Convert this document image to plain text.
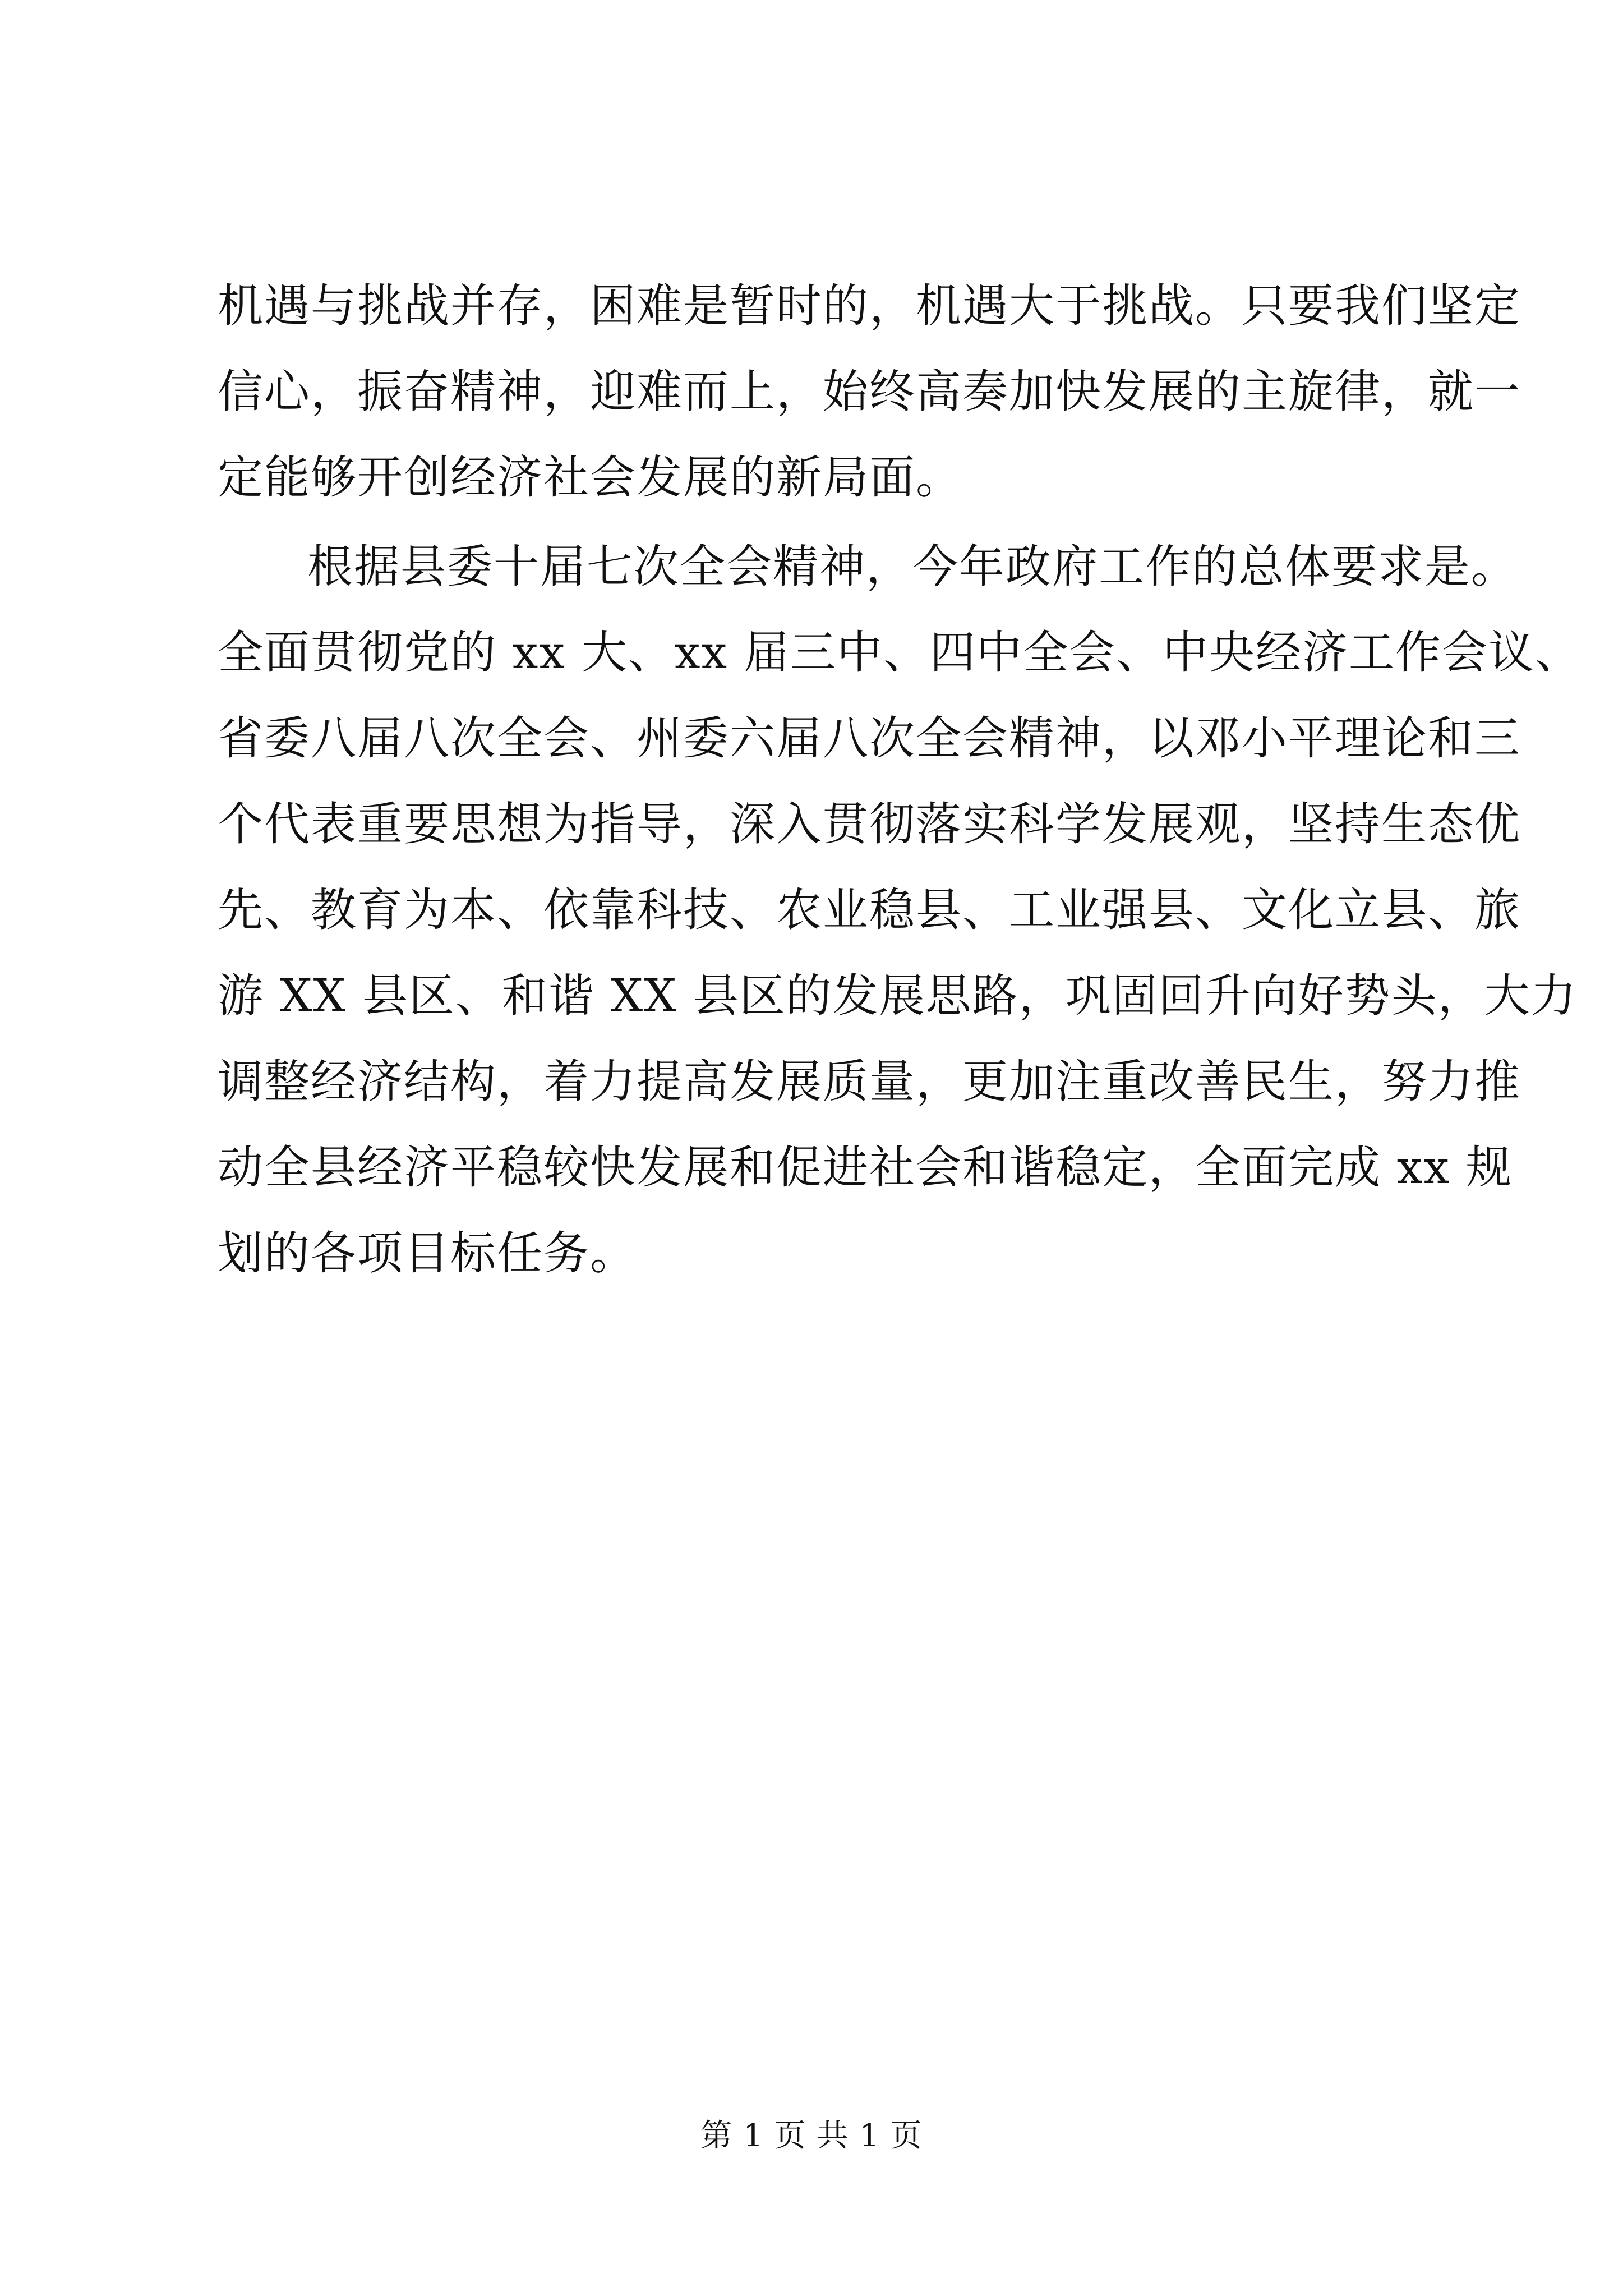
机遇与挑战并存，困难是暂时的，机遇大于挑战。只要我们坚定
信心，振奋精神，迎难而上，始终高奏加快发展的主旋律，就一
定能够开创经济社会发展的新局面。
根据县委十届七次全会精神，今年政府工作的总体要求是。
全面贯彻党的 xx 大、xx 届三中、四中全会、中央经济工作会议、
省委八届八次全会、州委六届八次全会精神，以邓小平理论和三
个代表重要思想为指导，深入贯彻落实科学发展观，坚持生态优
先、教育为本、依靠科技、农业稳县、工业强县、文化立县、旅
游 XX 县区、和谐 XX 县区的发展思路，巩固回升向好势头，大力
调整经济结构，着力提高发展质量，更加注重改善民生，努力推
动全县经济平稳较快发展和促进社会和谐稳定，全面完成 xx 规
划的各项目标任务。
第 1 页 共 1 页
